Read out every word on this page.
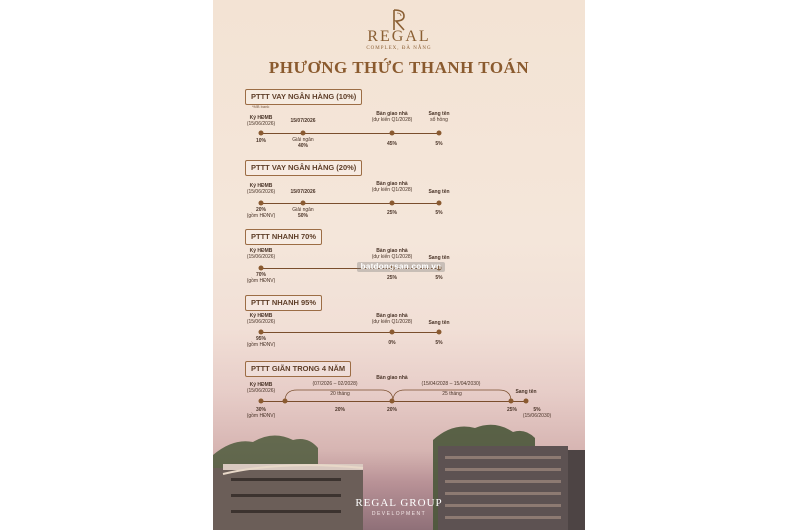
REGAL
COMPLEX, ĐÀ NẴNG
PHƯƠNG THỨC THANH TOÁN
PTTT VAY NGÂN HÀNG (10%)
*MB bank
Ký HĐMB
(15/06/2026)	15/07/2026
Bàn giao nhà
(dự kiến Q1/2028)
Sang tên
sổ hồng
10%	Giải ngân
40%	45%	5%
PTTT VAY NGÂN HÀNG (20%)
Ký HĐMB
(15/06/2026)	15/07/2026
Bàn giao nhà
(dự kiến Q1/2028)	Sang tên
20%
(gồm HĐNV)
Giải ngân
50%	25%	5%
PTTT NHANH 70%
Ký HĐMB
(15/06/2026)
Bàn giao nhà
(dự kiến Q1/2028)	Sang tên
70%
(gồm HĐNV)	25%	5%
batdongsan.com.vn
PTTT NHANH 95%
Ký HĐMB
(15/06/2026)
Bàn giao nhà
(dự kiến Q1/2028)	Sang tên
95%
(gồm HĐNV)	0%	5%
PTTT GIÃN TRONG 4 NĂM
Ký HĐMB
(15/06/2026)
Bàn giao nhà
Sang tên
(07/2026 – 02/2028)	(15/04/2028 – 15/04/2030)
20 tháng	25 tháng
30%
(gồm HĐNV)
20%	20%	25%	5%
(15/06/2030)
REGAL GROUP
DEVELOPMENT
